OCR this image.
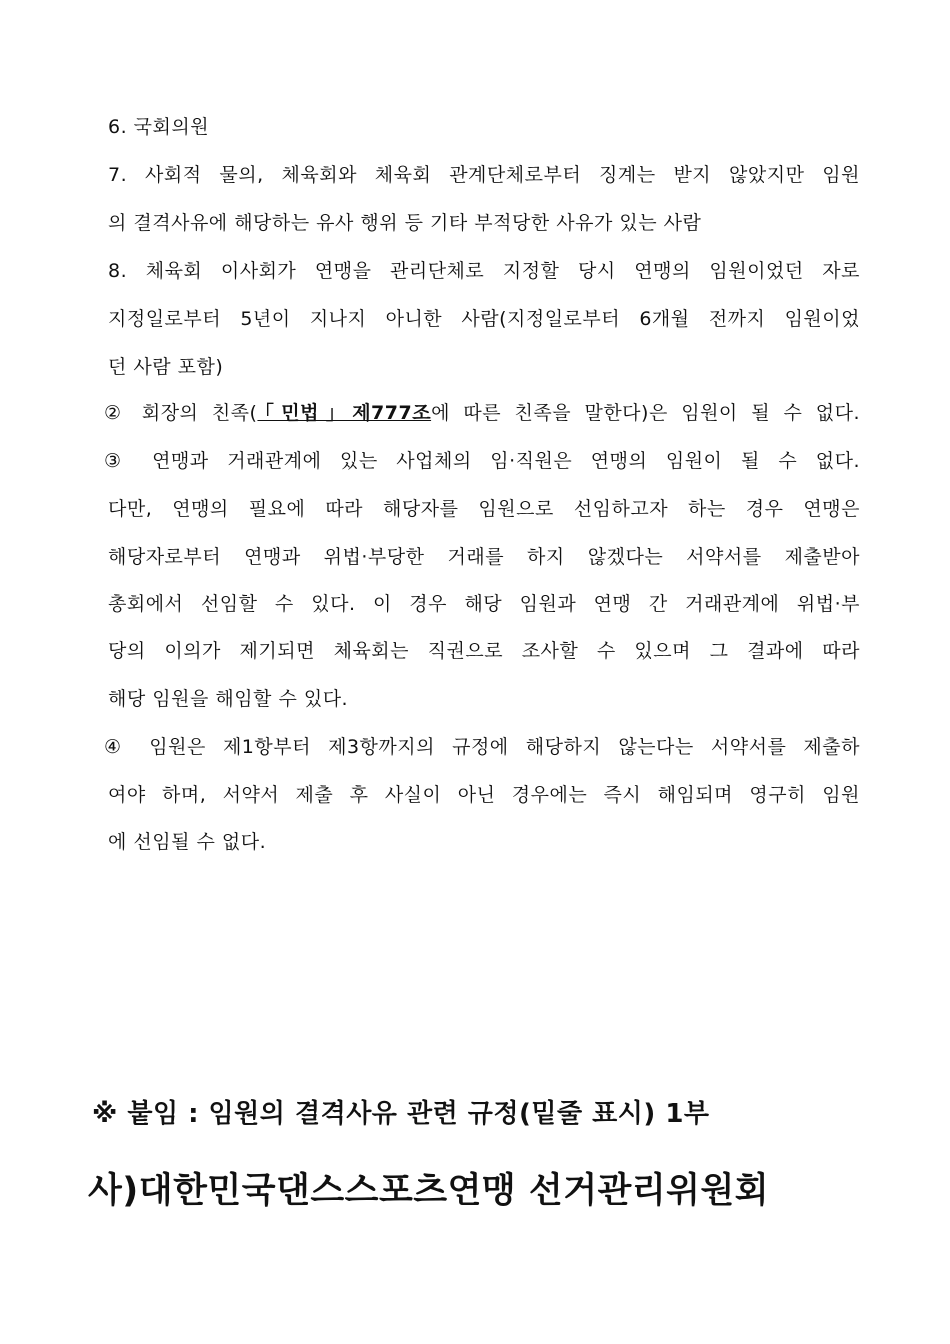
6. 국회의원
7. 사회적 물의, 체육회와 체육회 관계단체로부터 징계는 받지 않았지만 임원
의 결격사유에 해당하는 유사 행위 등 기타 부적당한 사유가 있는 사람
8. 체육회 이사회가 연맹을 관리단체로 지정할 당시 연맹의 임원이었던 자로
지정일로부터 5년이 지나지 아니한 사람(지정일로부터 6개월 전까지 임원이었
던 사람 포함)
② 회장의 친족(「민법」제777조에 따른 친족을 말한다)은 임원이 될 수 없다.
③ 연맹과 거래관계에 있는 사업체의 임·직원은 연맹의 임원이 될 수 없다.
다만, 연맹의 필요에 따라 해당자를 임원으로 선임하고자 하는 경우 연맹은
해당자로부터 연맹과 위법·부당한 거래를 하지 않겠다는 서약서를 제출받아
총회에서 선임할 수 있다. 이 경우 해당 임원과 연맹 간 거래관계에 위법·부
당의 이의가 제기되면 체육회는 직권으로 조사할 수 있으며 그 결과에 따라
해당 임원을 해임할 수 있다.
④ 임원은 제1항부터 제3항까지의 규정에 해당하지 않는다는 서약서를 제출하
여야 하며, 서약서 제출 후 사실이 아닌 경우에는 즉시 해임되며 영구히 임원
에 선임될 수 없다.
※ 붙임 : 임원의 결격사유 관련 규정(밑줄 표시) 1부
사)대한민국댄스스포츠연맹 선거관리위원회
